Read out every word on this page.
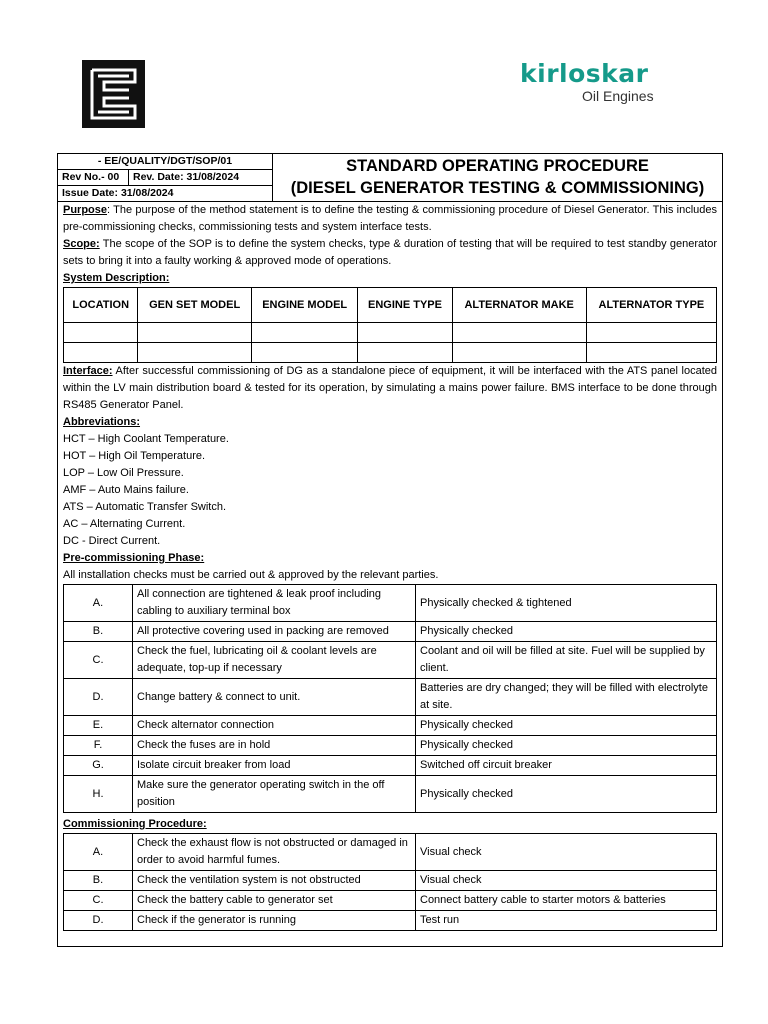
kirloskar
Oil Engines
- EE/QUALITY/DGT/SOP/01
Rev No.- 00	Rev. Date: 31/08/2024
Issue Date: 31/08/2024
STANDARD OPERATING PROCEDURE
(DIESEL GENERATOR TESTING & COMMISSIONING)

Purpose: The purpose of the method statement is to define the testing & commissioning procedure of Diesel Generator. This includes pre-commissioning checks, commissioning tests and system interface tests.

Scope: The scope of the SOP is to define the system checks, type & duration of testing that will be required to test standby generator sets to bring it into a faulty working & approved mode of operations.

System Description:
LOCATION	GEN SET MODEL	ENGINE MODEL	ENGINE TYPE	ALTERNATOR MAKE	ALTERNATOR TYPE

Interface: After successful commissioning of DG as a standalone piece of equipment, it will be interfaced with the ATS panel located within the LV main distribution board & tested for its operation, by simulating a mains power failure. BMS interface to be done through RS485 Generator Panel.

Abbreviations:
HCT – High Coolant Temperature.
HOT – High Oil Temperature.
LOP – Low Oil Pressure.
AMF – Auto Mains failure.
ATS – Automatic Transfer Switch.
AC – Alternating Current.
DC - Direct Current.
Pre-commissioning Phase:
All installation checks must be carried out & approved by the relevant parties.
A.	All connection are tightened & leak proof including cabling to auxiliary terminal box	Physically checked & tightened
B.	All protective covering used in packing are removed	Physically checked
C.	Check the fuel, lubricating oil & coolant levels are adequate, top-up if necessary	Coolant and oil will be filled at site. Fuel will be supplied by client.
D.	Change battery & connect to unit.	Batteries are dry changed; they will be filled with electrolyte at site.
E.	Check alternator connection	Physically checked
F.	Check the fuses are in hold	Physically checked
G.	Isolate circuit breaker from load	Switched off circuit breaker
H.	Make sure the generator operating switch in the off position	Physically checked
Commissioning Procedure:
A.	Check the exhaust flow is not obstructed or damaged in order to avoid harmful fumes.	Visual check
B.	Check the ventilation system is not obstructed	Visual check
C.	Check the battery cable to generator set	Connect battery cable to starter motors & batteries
D.	Check if the generator is running	Test run
